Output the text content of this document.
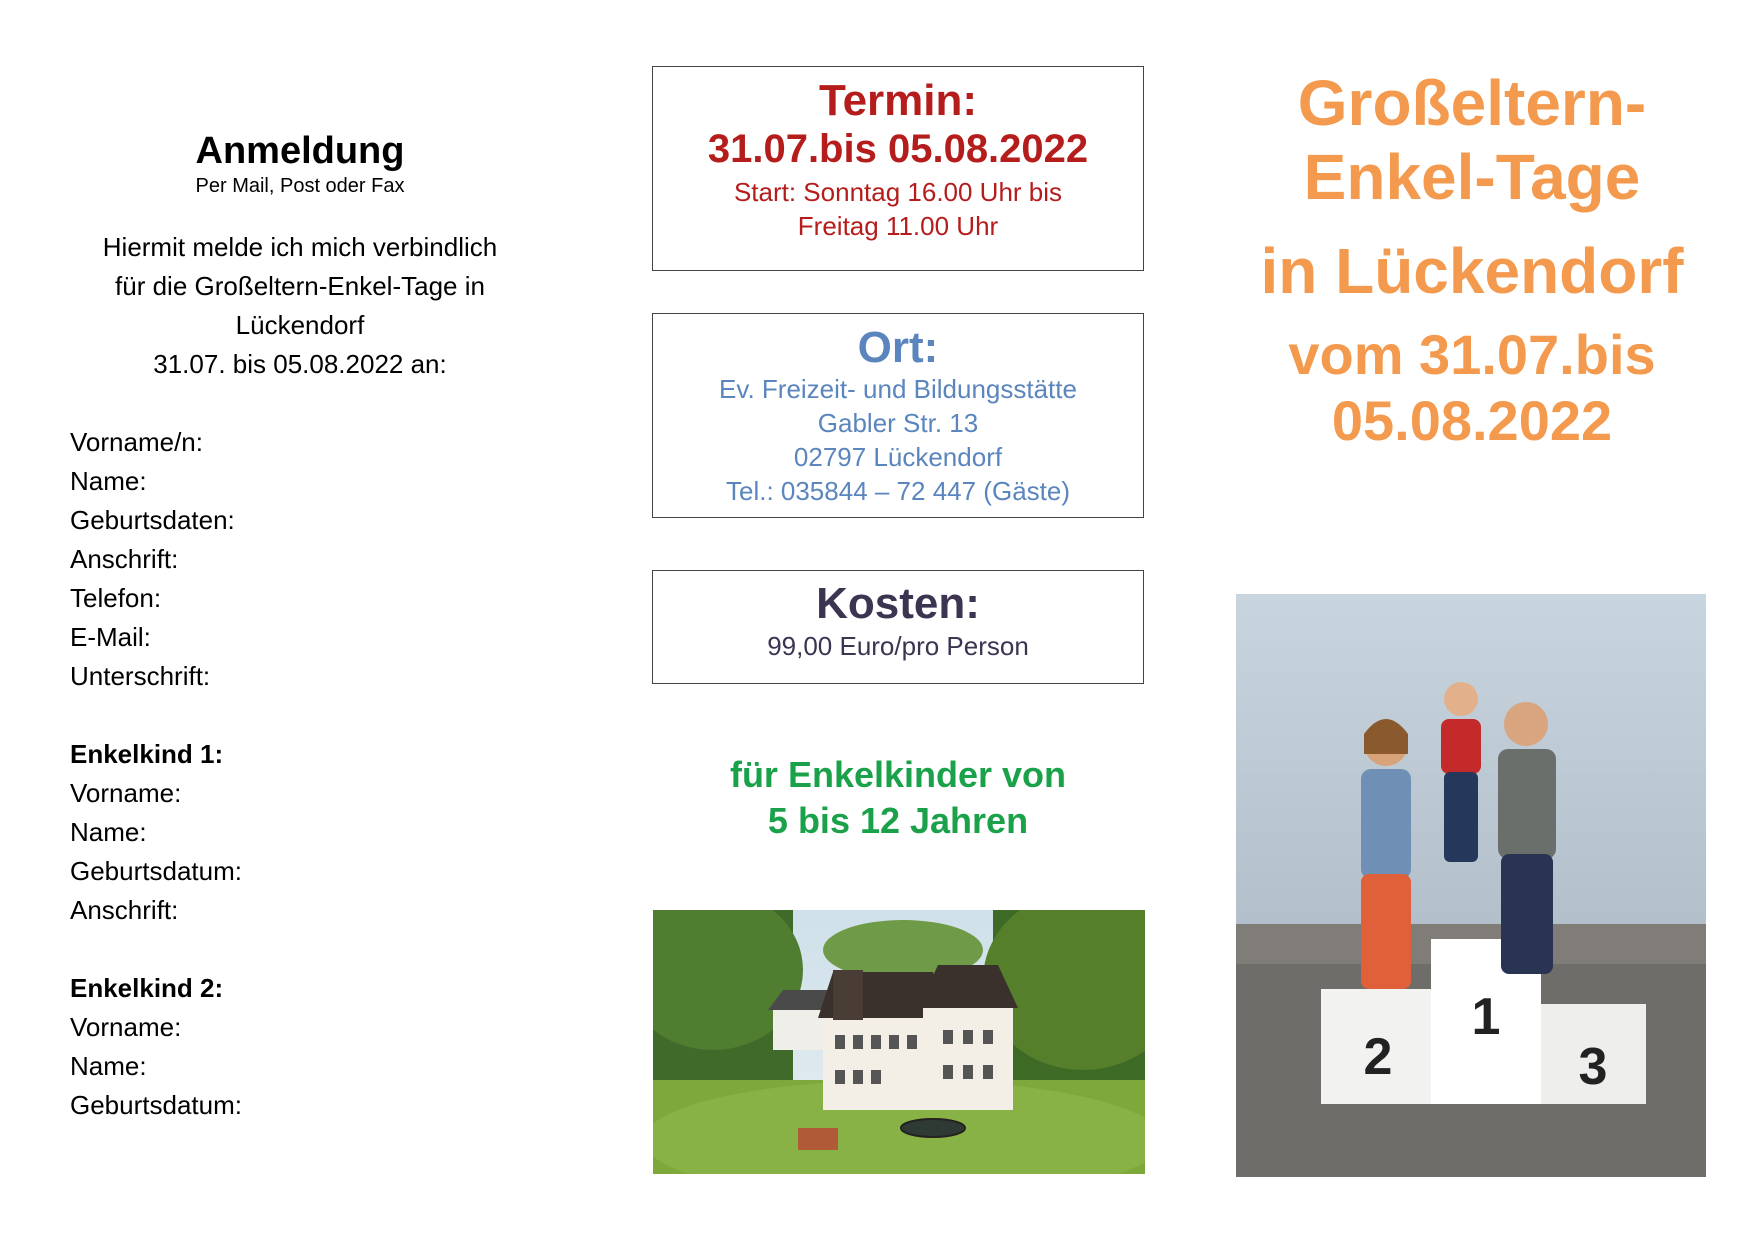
Anmeldung
Per Mail, Post oder Fax
Hiermit melde ich mich verbindlich
für die Großeltern-Enkel-Tage in
Lückendorf
31.07. bis 05.08.2022 an:
Vorname/n:
Name:
Geburtsdaten:
Anschrift:
Telefon:
E-Mail:
Unterschrift:
Enkelkind 1:
Vorname:
Name:
Geburtsdatum:
Anschrift:
Enkelkind 2:
Vorname:
Name:
Geburtsdatum:
Termin:
31.07.bis 05.08.2022
Start: Sonntag 16.00 Uhr bis
Freitag 11.00 Uhr
Ort:
Ev. Freizeit- und Bildungsstätte
Gabler Str. 13
02797 Lückendorf
Tel.: 035844 – 72 447 (Gäste)
Kosten:
99,00 Euro/pro Person
für Enkelkinder von
5 bis 12 Jahren
Großeltern-
Enkel-Tage
in Lückendorf
vom 31.07.bis
05.08.2022
2
1
3
